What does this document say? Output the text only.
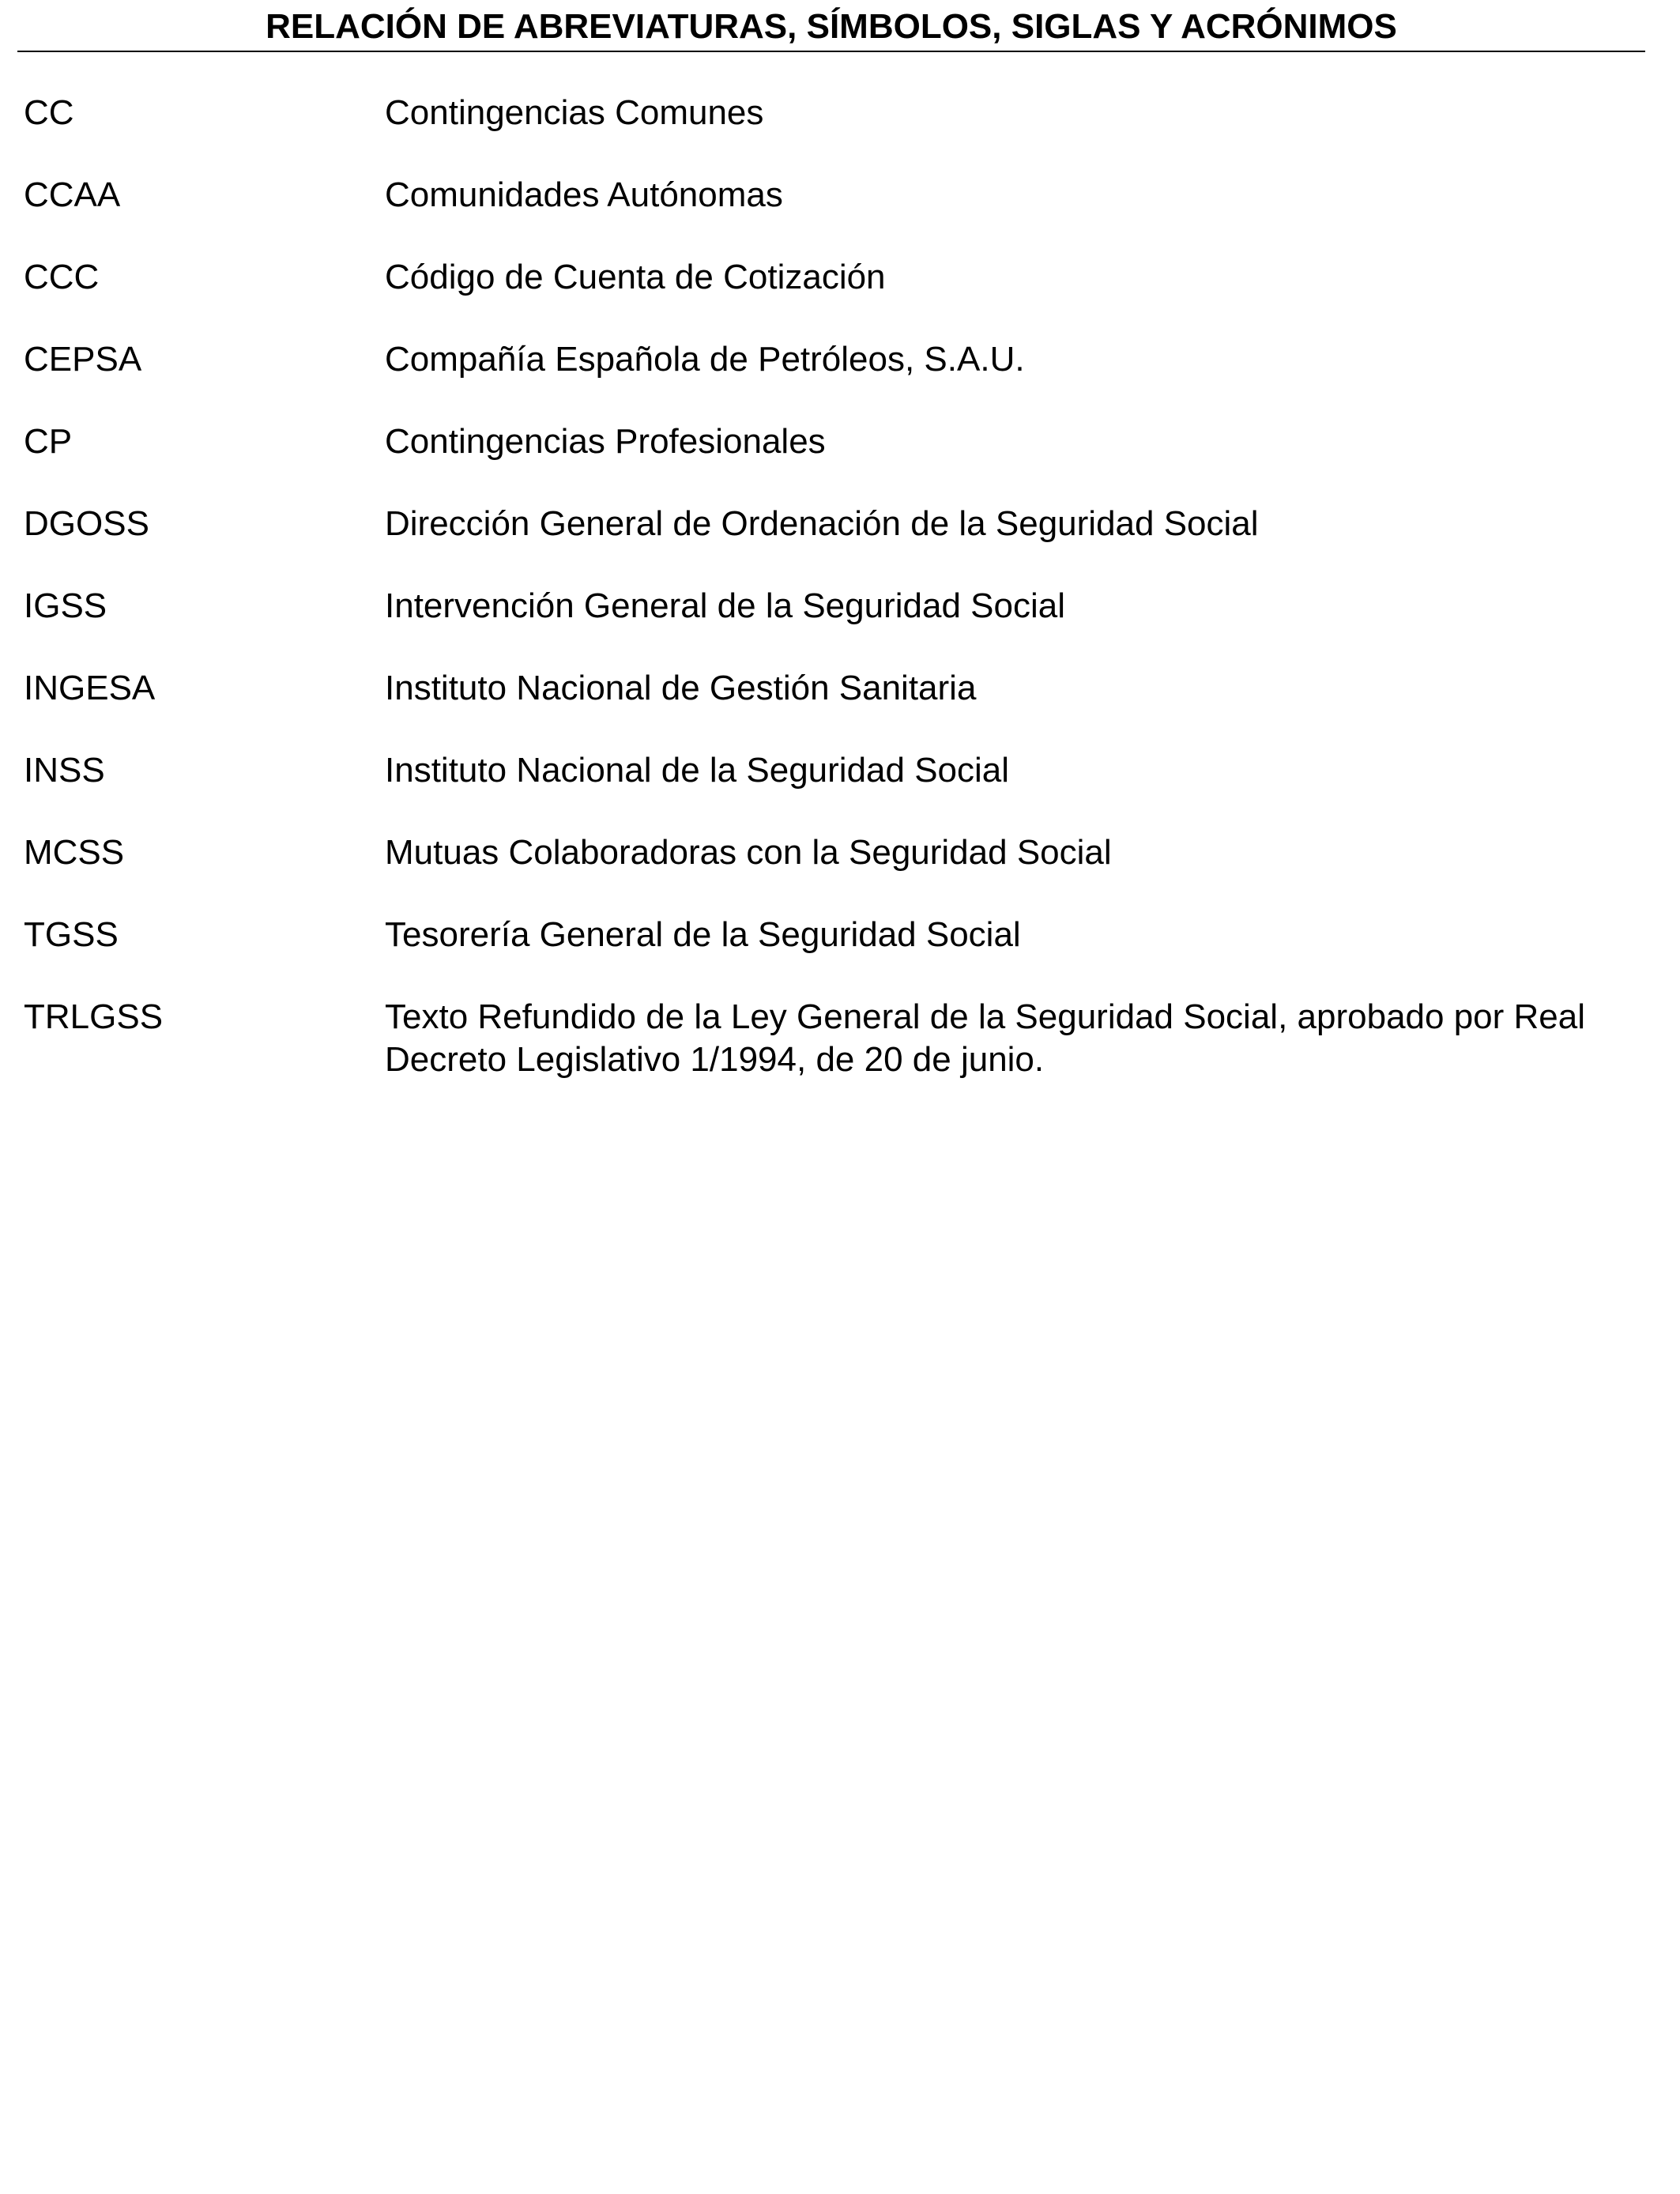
RELACIÓN DE ABREVIATURAS, SÍMBOLOS, SIGLAS Y ACRÓNIMOS
CC	Contingencias Comunes
CCAA	Comunidades Autónomas
CCC	Código de Cuenta de Cotización
CEPSA	Compañía Española de Petróleos, S.A.U.
CP	Contingencias Profesionales
DGOSS	Dirección General de Ordenación de la Seguridad Social
IGSS	Intervención General de la Seguridad Social
INGESA	Instituto Nacional de Gestión Sanitaria
INSS	Instituto Nacional de la Seguridad Social
MCSS	Mutuas Colaboradoras con la Seguridad Social
TGSS	Tesorería General de la Seguridad Social
TRLGSS	Texto Refundido de la Ley General de la Seguridad Social, aprobado por Real Decreto Legislativo 1/1994, de 20 de junio.
